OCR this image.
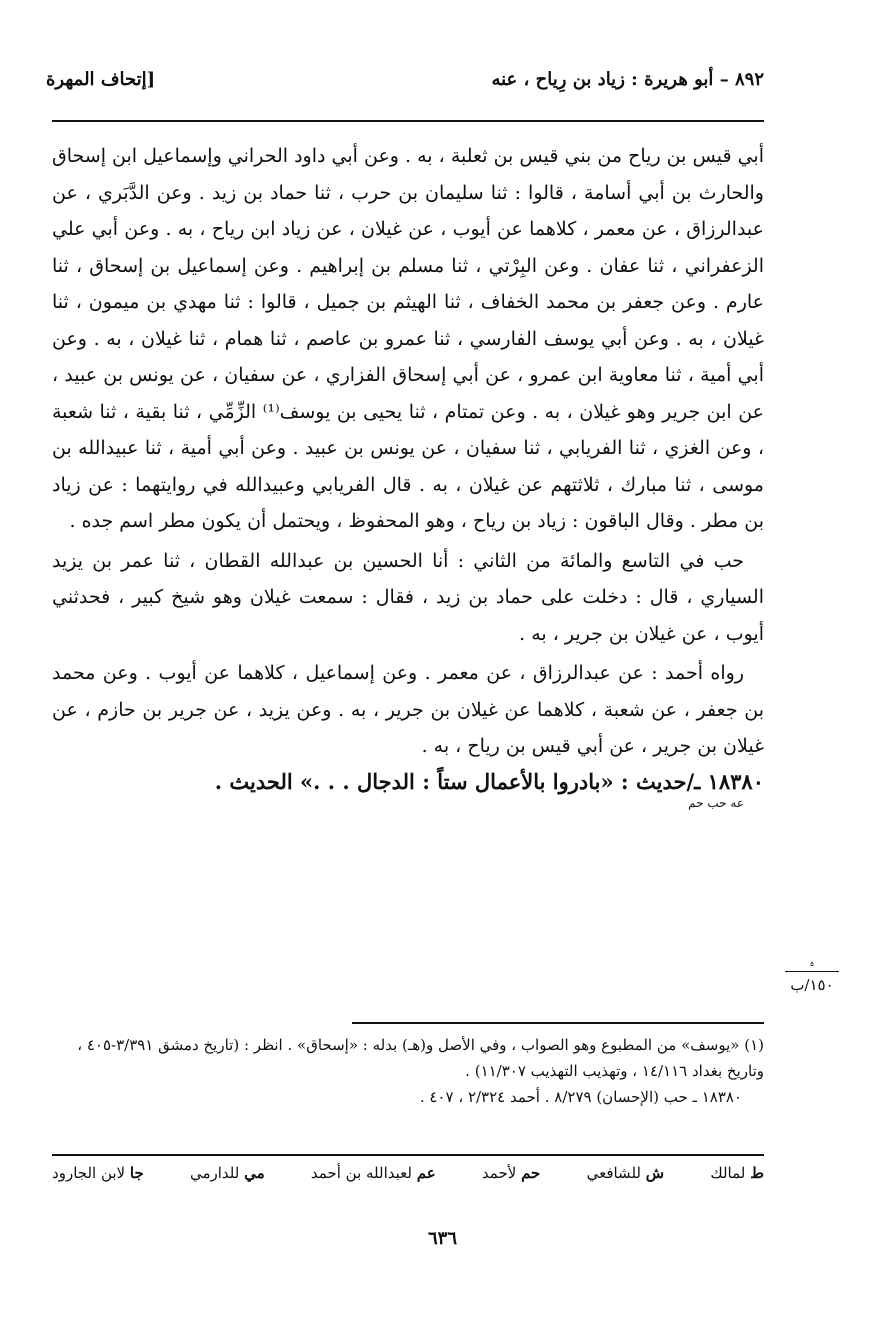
٨٩٢ – أبو هريرة : زياد بن رِياح ، عنه
[إتحاف المهرة

أبي قيس بن رياح من بني قيس بن ثعلبة ، به . وعن أبي داود الحراني وإسماعيل ابن إسحاق والحارث بن أبي أسامة ، قالوا : ثنا سليمان بن حرب ، ثنا حماد بن زيد . وعن الدَّبَري ، عن عبدالرزاق ، عن معمر ، كلاهما عن أيوب ، عن غيلان ، عن زياد ابن رياح ، به . وعن أبي علي الزعفراني ، ثنا عفان . وعن البِرْتي ، ثنا مسلم بن إبراهيم . وعن إسماعيل بن إسحاق ، ثنا عارم . وعن جعفر بن محمد الخفاف ، ثنا الهيثم بن جميل ، قالوا : ثنا مهدي بن ميمون ، ثنا غيلان ، به . وعن أبي يوسف الفارسي ، ثنا عمرو بن عاصم ، ثنا همام ، ثنا غيلان ، به . وعن أبي أمية ، ثنا معاوية ابن عمرو ، عن أبي إسحاق الفزاري ، عن سفيان ، عن يونس بن عبيد ، عن ابن جرير وهو غيلان ، به . وعن تمتام ، ثنا يحيى بن يوسف⁽¹⁾ الزِّمِّي ، ثنا بقية ، ثنا شعبة ، وعن الغزي ، ثنا الفريابي ، ثنا سفيان ، عن يونس بن عبيد . وعن أبي أمية ، ثنا عبيدالله بن موسى ، ثنا مبارك ، ثلاثتهم عن غيلان ، به . قال الفريابي وعبيدالله في روايتهما : عن زياد بن مطر . وقال الباقون : زياد بن رياح ، وهو المحفوظ ، ويحتمل أن يكون مطر اسم جده .

حب في التاسع والمائة من الثاني : أنا الحسين بن عبدالله القطان ، ثنا عمر بن يزيد السياري ، قال : دخلت على حماد بن زيد ، فقال : سمعت غيلان وهو شيخ كبير ، فحدثني أيوب ، عن غيلان بن جرير ، به .

رواه أحمد : عن عبدالرزاق ، عن معمر . وعن إسماعيل ، كلاهما عن أيوب . وعن محمد بن جعفر ، عن شعبة ، كلاهما عن غيلان بن جرير ، به . وعن يزيد ، عن جرير بن حازم ، عن غيلان بن جرير ، عن أبي قيس بن رياح ، به .

١٨٣٨٠ ـ/حديث : «بادروا بالأعمال ستاً : الدجال . . .» الحديث .
عه حب حم
ﮦ
١٥٠/ب

(١) «يوسف» من المطبوع وهو الصواب ، وفي الأصل و(هـ) بدله : «إسحاق» . انظر : (تاريخ دمشق ٣/٣٩١-٤٠٥ ، وتاريخ بغداد ١٤/١١٦ ، وتهذيب التهذيب ١١/٣٠٧) .

١٨٣٨٠ ـ حب (الإحسان) ٨/٢٧٩ . أحمد ٢/٣٢٤ ، ٤٠٧ .

ط لمالك
ش للشافعي
حم لأحمد
عم لعبدالله بن أحمد
مي للدارمي
جا لابن الجارود
٦٣٦
